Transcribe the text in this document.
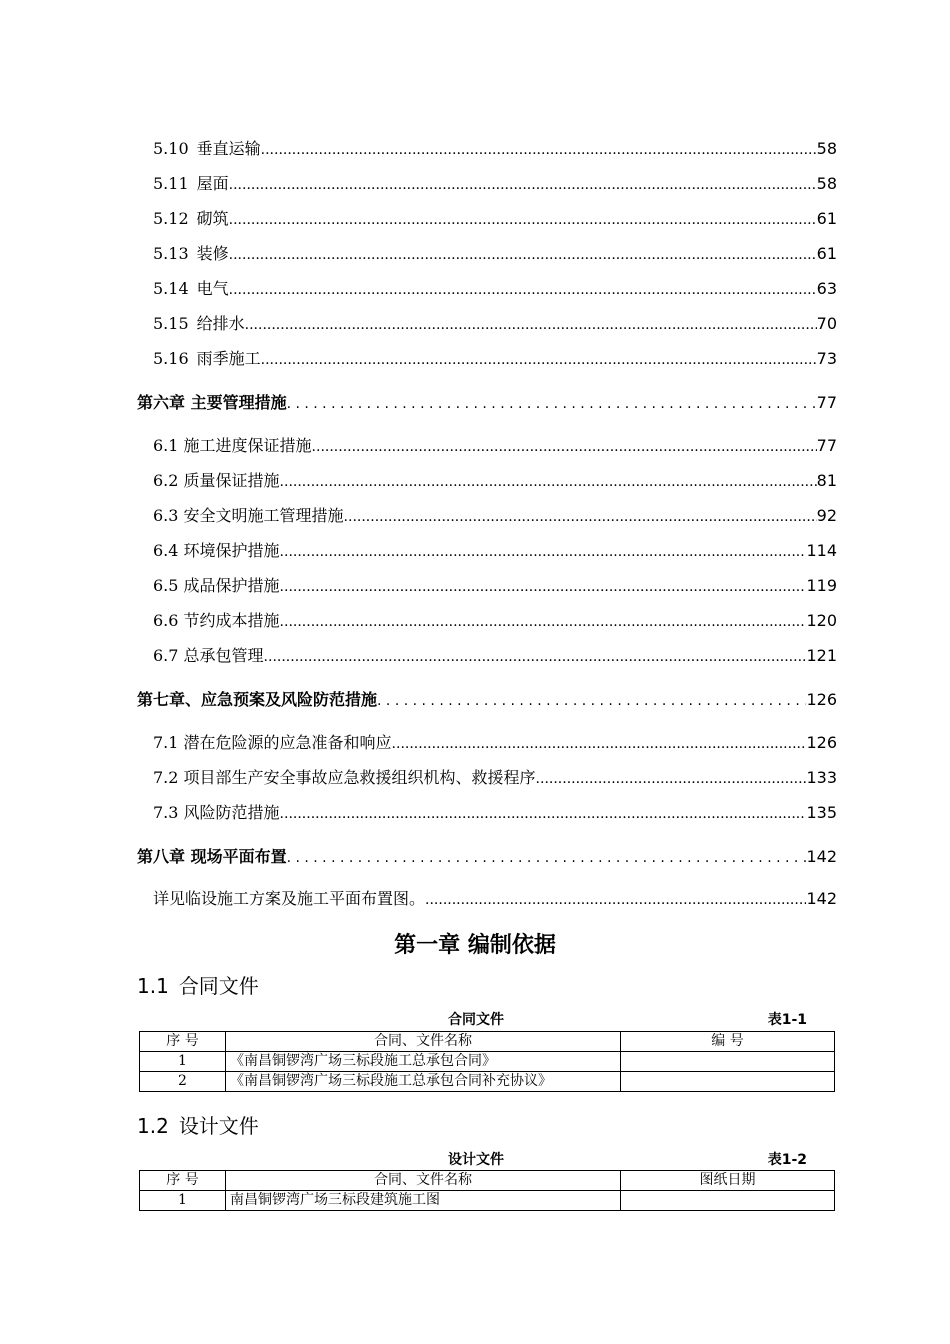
5.10 垂直运输 .....	58
5.11 屋面 .....	58
5.12 砌筑 .....	61
5.13 装修 .....	61
5.14 电气 .....	63
5.15 给排水 .....	70
5.16 雨季施工 .....	73
第六章 主要管理措施 . . .	77
6.1 施工进度保证措施 .....	77
6.2 质量保证措施 .....	81
6.3 安全文明施工管理措施 .....	92
6.4 环境保护措施 .....	114
6.5 成品保护措施 .....	119
6.6 节约成本措施 .....	120
6.7 总承包管理 .....	121
第七章、应急预案及风险防范措施 . . .	126
7.1 潜在危险源的应急准备和响应 .....	126
7.2 项目部生产安全事故应急救援组织机构、救援程序 .....	133
7.3 风险防范措施 .....	135
第八章 现场平面布置 . . .	142
详见临设施工方案及施工平面布置图。 .....	142
第一章 编制依据
1.1 合同文件
合同文件	表1-1
序 号	合同、文件名称	编 号
1	《南昌铜锣湾广场三标段施工总承包合同》	
2	《南昌铜锣湾广场三标段施工总承包合同补充协议》	
1.2 设计文件
设计文件	表1-2
序 号	合同、文件名称	图纸日期
1	南昌铜锣湾广场三标段建筑施工图	
